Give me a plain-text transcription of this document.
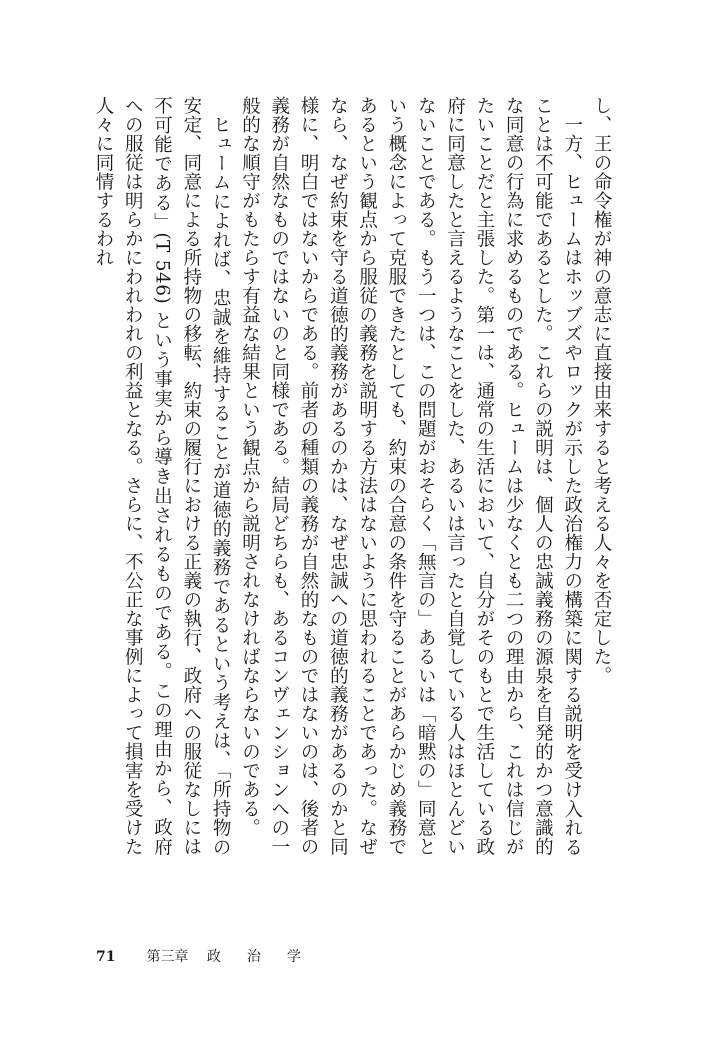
し、王の命令権が神の意志に直接由来すると考える人々を否定した。

一方、ヒュームはホッブズやロックが示した政治権力の構築に関する説明を受け入れることは不可能であるとした。これらの説明は、個人の忠誠義務の源泉を自発的かつ意識的な同意の行為に求めるものである。ヒュームは少なくとも二つの理由から、これは信じがたいことだと主張した。第一は、通常の生活において、自分がそのもとで生活している政府に同意したと言えるようなことをした、あるいは言ったと自覚している人はほとんどいないことである。もう一つは、この問題がおそらく「無言の」あるいは「暗黙の」同意という概念によって克服できたとしても、約束の合意の条件を守ることがあらかじめ義務であるという観点から服従の義務を説明する方法はないように思われることであった。なぜなら、なぜ約束を守る道徳的義務があるのかは、なぜ忠誠への道徳的義務があるのかと同様に、明白ではないからである。前者の種類の義務が自然的なものではないのは、後者の義務が自然なものではないのと同様である。結局どちらも、あるコンヴェンションへの一般的な順守がもたらす有益な結果という観点から説明されなければならないのである。

ヒュームによれば、忠誠を維持することが道徳的義務であるという考えは、「所持物の安定、同意による所持物の移転、約束の履行における正義の執行、政府への服従なしには不可能である」(T 546) という事実から導き出されるものである。この理由から、政府への服従は明らかにわれわれの利益となる。さらに、不公正な事例によって損害を受けた人々に同情するわれ

71 第三章 政治学
